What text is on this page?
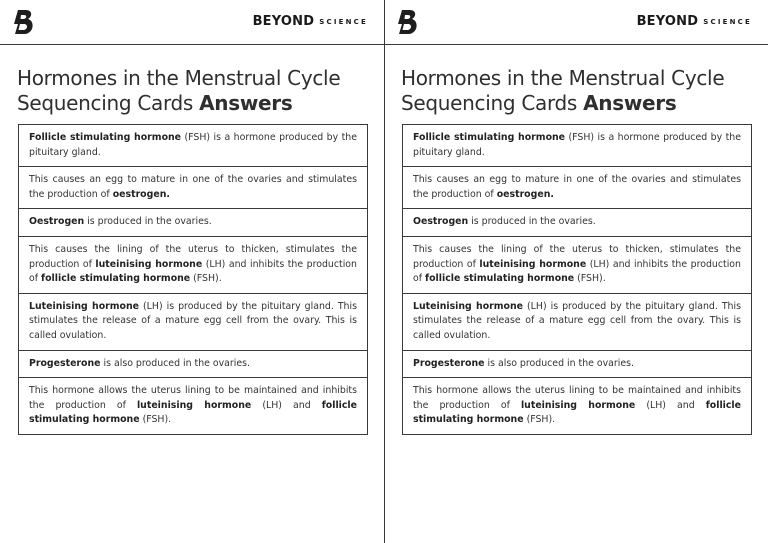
BEYOND SCIENCE
Hormones in the Menstrual Cycle
Sequencing Cards Answers
Follicle stimulating hormone (FSH) is a hormone produced by the pituitary gland.
This causes an egg to mature in one of the ovaries and stimulates the production of oestrogen.
Oestrogen is produced in the ovaries.
This causes the lining of the uterus to thicken, stimulates the production of luteinising hormone (LH) and inhibits the production of follicle stimulating hormone (FSH).
Luteinising hormone (LH) is produced by the pituitary gland. This stimulates the release of a mature egg cell from the ovary. This is called ovulation.
Progesterone is also produced in the ovaries.
This hormone allows the uterus lining to be maintained and inhibits the production of luteinising hormone (LH) and follicle stimulating hormone (FSH).
BEYOND SCIENCE
Hormones in the Menstrual Cycle
Sequencing Cards Answers
Follicle stimulating hormone (FSH) is a hormone produced by the pituitary gland.
This causes an egg to mature in one of the ovaries and stimulates the production of oestrogen.
Oestrogen is produced in the ovaries.
This causes the lining of the uterus to thicken, stimulates the production of luteinising hormone (LH) and inhibits the production of follicle stimulating hormone (FSH).
Luteinising hormone (LH) is produced by the pituitary gland. This stimulates the release of a mature egg cell from the ovary. This is called ovulation.
Progesterone is also produced in the ovaries.
This hormone allows the uterus lining to be maintained and inhibits the production of luteinising hormone (LH) and follicle stimulating hormone (FSH).
